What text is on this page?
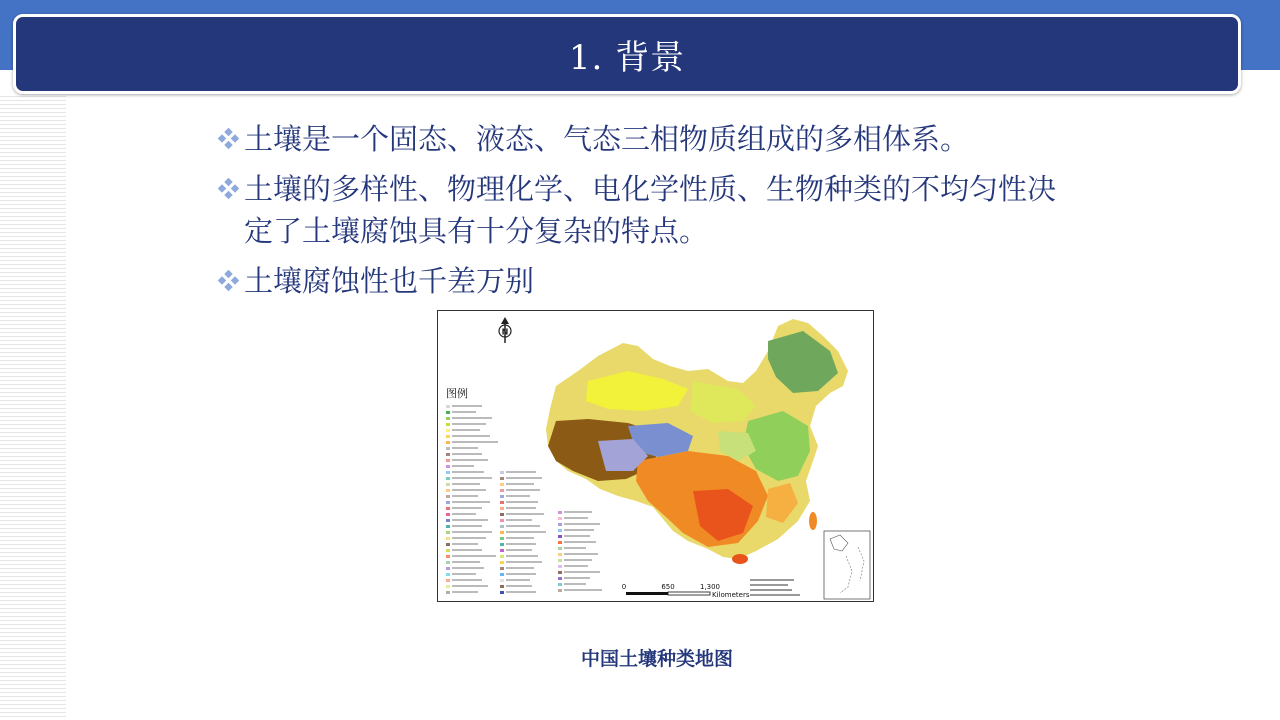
1. 背景
土壤是一个固态、液态、气态三相物质组成的多相体系。
土壤的多样性、物理化学、电化学性质、生物种类的不均匀性决定了土壤腐蚀具有十分复杂的特点。
土壤腐蚀性也千差万别
N
图例
0	650	1,300
Kilometers
中国土壤种类地图
